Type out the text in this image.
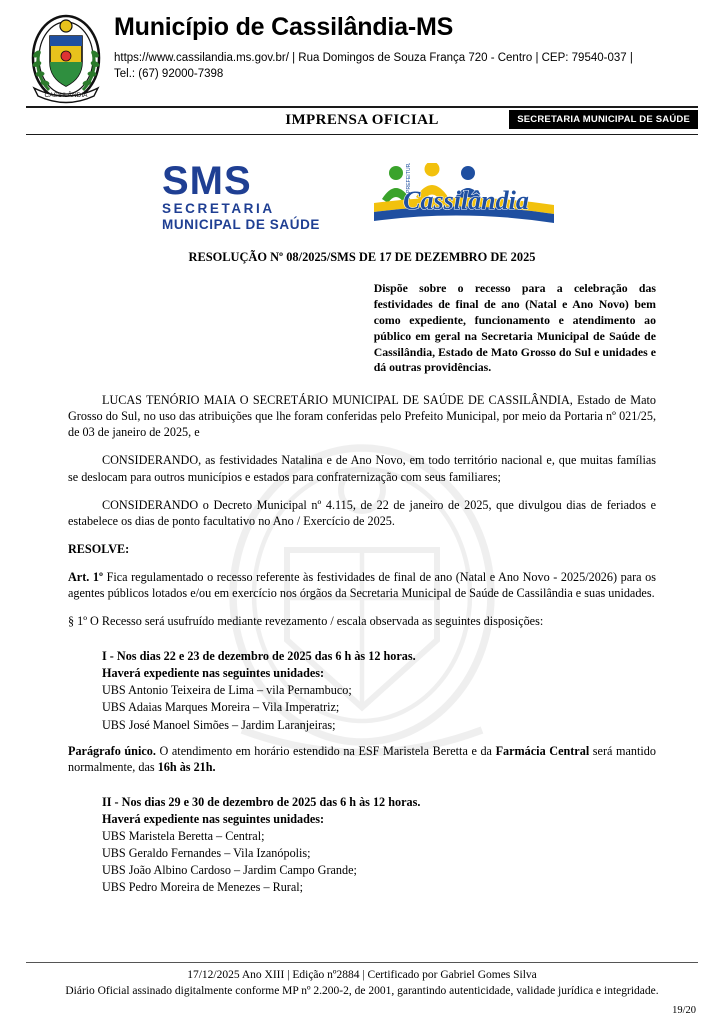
CASSILÂNDIA
Município de Cassilândia-MS
https://www.cassilandia.ms.gov.br/ | Rua Domingos de Souza França 720 - Centro | CEP: 79540-037 |
Tel.: (67) 92000-7398
IMPRENSA OFICIAL	SECRETARIA MUNICIPAL DE SAÚDE
SMS
SECRETARIA
MUNICIPAL DE SAÚDE
Cassilândia
PREFEITURA DE
RESOLUÇÃO Nº 08/2025/SMS DE 17 DE DEZEMBRO DE 2025
Dispõe sobre o recesso para a celebração das festividades de final de ano (Natal e Ano Novo) bem como expediente, funcionamento e atendimento ao público em geral na Secretaria Municipal de Saúde de Cassilândia, Estado de Mato Grosso do Sul e unidades e dá outras providências.

LUCAS TENÓRIO MAIA O SECRETÁRIO MUNICIPAL DE SAÚDE DE CASSILÂNDIA, Estado de Mato Grosso do Sul, no uso das atribuições que lhe foram conferidas pelo Prefeito Municipal, por meio da Portaria nº 021/25, de 03 de janeiro de 2025, e

CONSIDERANDO, as festividades Natalina e de Ano Novo, em todo território nacional e, que muitas famílias se deslocam para outros municípios e estados para confraternização com seus familiares;

CONSIDERANDO o Decreto Municipal nº 4.115, de 22 de janeiro de 2025, que divulgou dias de feriados e estabelece os dias de ponto facultativo no Ano / Exercício de 2025.

RESOLVE:

Art. 1º Fica regulamentado o recesso referente às festividades de final de ano (Natal e Ano Novo - 2025/2026) para os agentes públicos lotados e/ou em exercício nos órgãos da Secretaria Municipal de Saúde de Cassilândia e suas unidades.

§ 1º O Recesso será usufruído mediante revezamento / escala observada as seguintes disposições:

I - Nos dias 22 e 23 de dezembro de 2025 das 6 h às 12 horas.
Haverá expediente nas seguintes unidades:
UBS Antonio Teixeira de Lima – vila Pernambuco;
UBS Adaias Marques Moreira – Vila Imperatriz;
UBS José Manoel Simões – Jardim Laranjeiras;

Parágrafo único. O atendimento em horário estendido na ESF Maristela Beretta e da Farmácia Central será mantido normalmente, das 16h às 21h.

II - Nos dias 29 e 30 de dezembro de 2025 das 6 h às 12 horas.
Haverá expediente nas seguintes unidades:
UBS Maristela Beretta – Central;
UBS Geraldo Fernandes – Vila Izanópolis;
UBS João Albino Cardoso – Jardim Campo Grande;
UBS Pedro Moreira de Menezes – Rural;
17/12/2025 Ano XIII | Edição nº2884 | Certificado por Gabriel Gomes Silva
Diário Oficial assinado digitalmente conforme MP nº 2.200-2, de 2001, garantindo autenticidade, validade jurídica e integridade.
19/20
